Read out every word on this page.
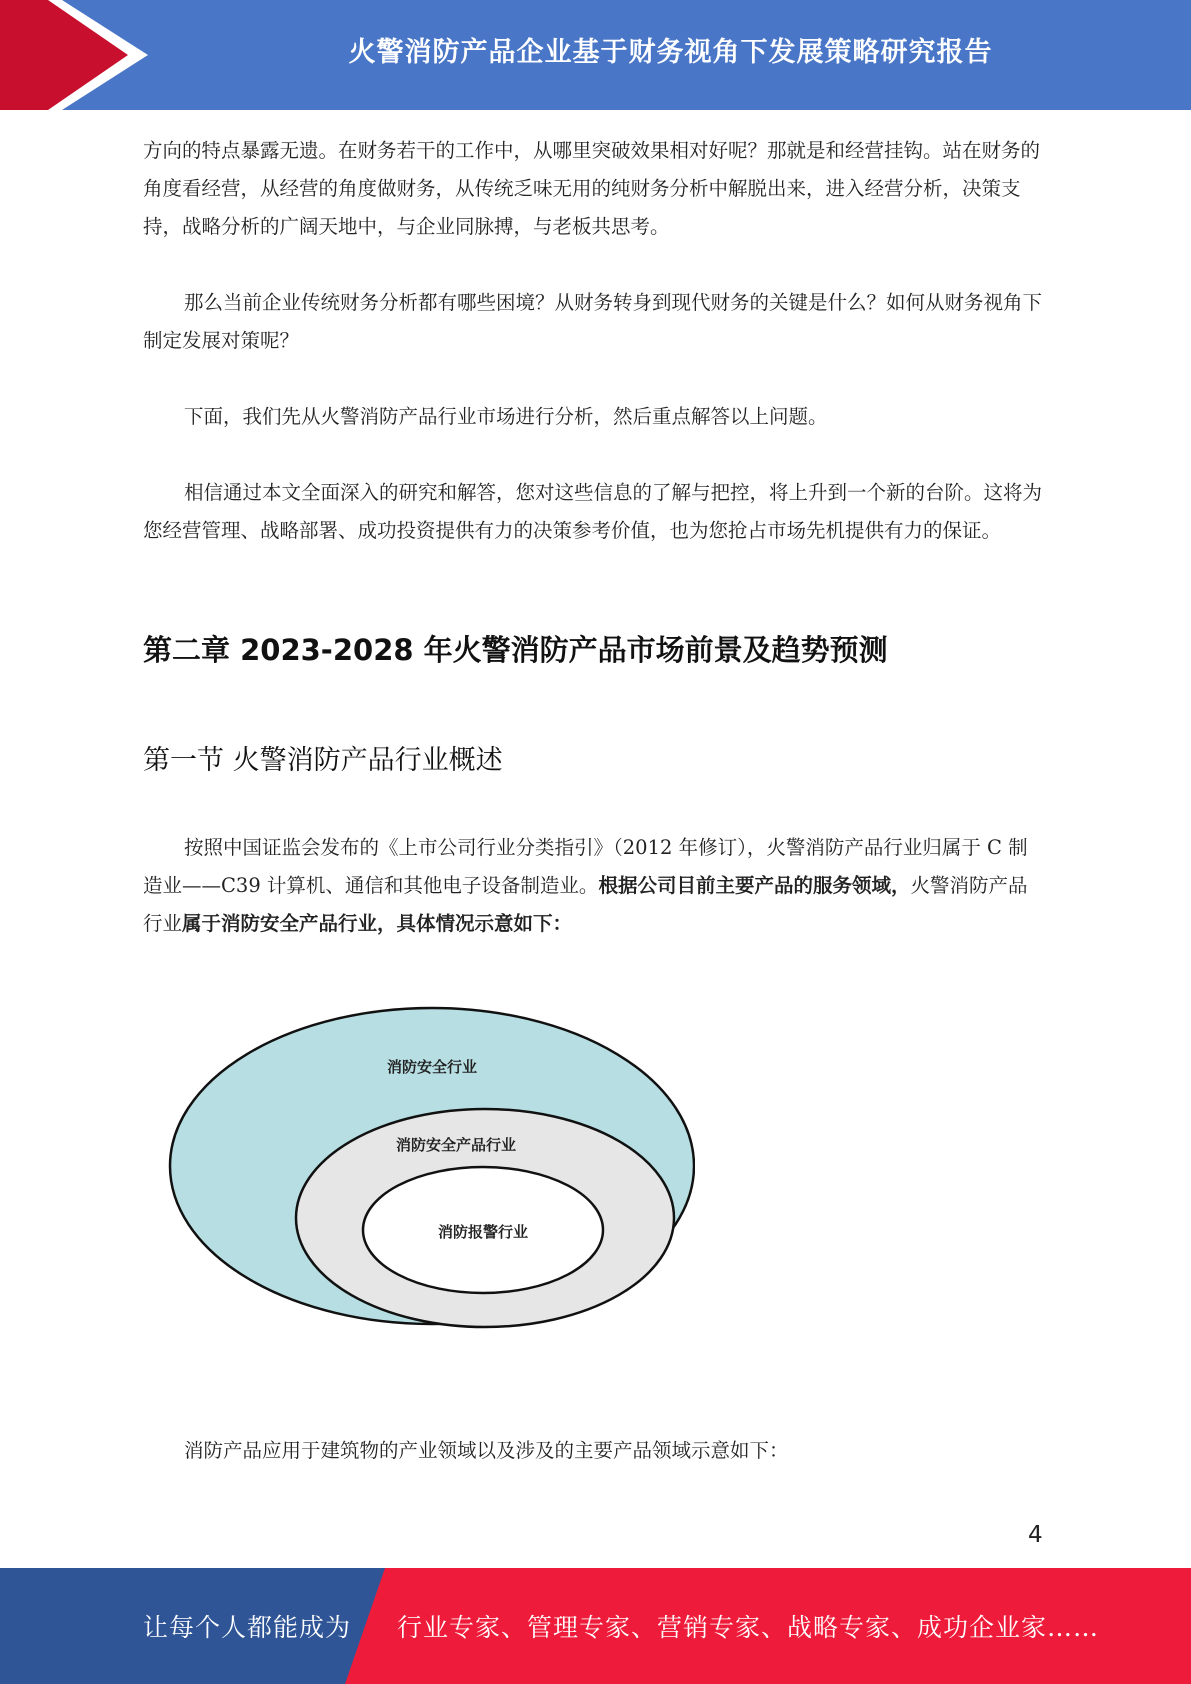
火警消防产品企业基于财务视角下发展策略研究报告

方向的特点暴露无遗。在财务若干的工作中，从哪里突破效果相对好呢？那就是和经营挂钩。站在财务的角度看经营，从经营的角度做财务，从传统乏味无用的纯财务分析中解脱出来，进入经营分析，决策支持，战略分析的广阔天地中，与企业同脉搏，与老板共思考。

那么当前企业传统财务分析都有哪些困境？从财务转身到现代财务的关键是什么？如何从财务视角下制定发展对策呢？

下面，我们先从火警消防产品行业市场进行分析，然后重点解答以上问题。

相信通过本文全面深入的研究和解答，您对这些信息的了解与把控，将上升到一个新的台阶。这将为您经营管理、战略部署、成功投资提供有力的决策参考价值，也为您抢占市场先机提供有力的保证。

第二章 2023-2028 年火警消防产品市场前景及趋势预测
第一节 火警消防产品行业概述

按照中国证监会发布的《上市公司行业分类指引》（2012 年修订），火警消防产品行业归属于 C 制造业——C39 计算机、通信和其他电子设备制造业。根据公司目前主要产品的服务领域，火警消防产品行业属于消防安全产品行业，具体情况示意如下：

消防安全行业
消防安全产品行业
消防报警行业

消防产品应用于建筑物的产业领域以及涉及的主要产品领域示意如下：

4
让每个人都能成为 行业专家、管理专家、营销专家、战略专家、成功企业家……
